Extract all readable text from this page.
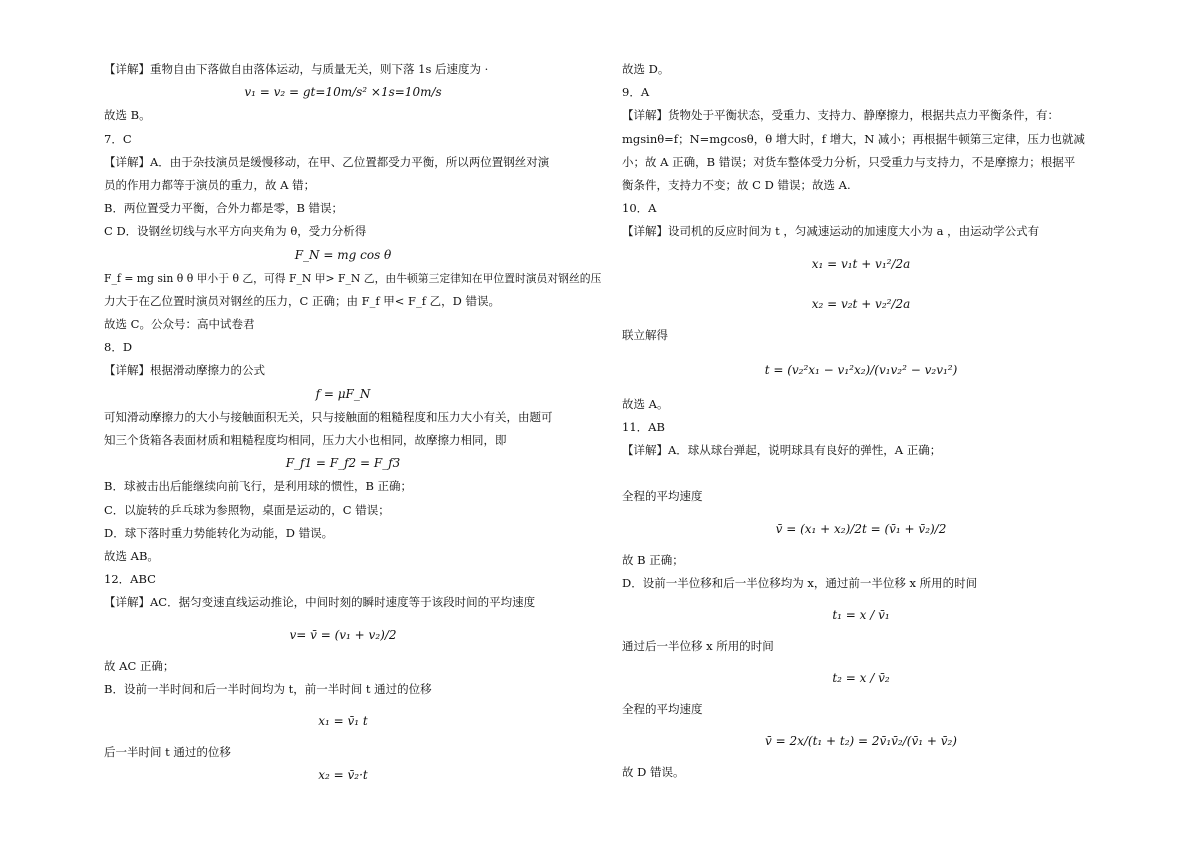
【详解】重物自由下落做自由落体运动，与质量无关，则下落 1s 后速度为 ·
v₁ = v₂ = gt=10m/s² ×1s=10m/s
故选 B。
7．C
【详解】A．由于杂技演员是缓慢移动，在甲、乙位置都受力平衡，所以两位置钢丝对演
员的作用力都等于演员的重力，故 A 错；
B．两位置受力平衡，合外力都是零，B 错误；
C D．设钢丝切线与水平方向夹角为 θ，受力分析得
F_N = mg cos θ
F_f = mg sin θ θ 甲小于 θ 乙，可得 F_N 甲> F_N 乙，由牛顿第三定律知在甲位置时演员对钢丝的压
力大于在乙位置时演员对钢丝的压力，C 正确；由 F_f 甲< F_f 乙，D 错误。
故选 C。公众号：高中试卷君
8．D
【详解】根据滑动摩擦力的公式
f = μF_N
可知滑动摩擦力的大小与接触面积无关，只与接触面的粗糙程度和压力大小有关，由题可
知三个货箱各表面材质和粗糙程度均相同，压力大小也相同，故摩擦力相同，即
F_f1 = F_f2 = F_f3
B．球被击出后能继续向前飞行，是利用球的惯性，B 正确；
C．以旋转的乒乓球为参照物，桌面是运动的，C 错误；
D．球下落时重力势能转化为动能，D 错误。
故选 AB。
12．ABC
【详解】AC．据匀变速直线运动推论，中间时刻的瞬时速度等于该段时间的平均速度
v= v̄ = (v₁ + v₂)/2
故 AC 正确；
B．设前一半时间和后一半时间均为 t，前一半时间 t 通过的位移
x₁ = v̄₁ t
后一半时间 t 通过的位移
x₂ = v̄₂·t
故选 D。
9．A
【详解】货物处于平衡状态，受重力、支持力、静摩擦力，根据共点力平衡条件，有：
mgsinθ=f；N=mgcosθ，θ 增大时，f 增大，N 减小；再根据牛顿第三定律，压力也就减
小；故 A 正确，B 错误；对货车整体受力分析，只受重力与支持力，不是摩擦力；根据平
衡条件，支持力不变；故 C D 错误；故选 A.
10．A
【详解】设司机的反应时间为 t ，匀减速运动的加速度大小为 a ，由运动学公式有
x₁ = v₁t + v₁²/2a
x₂ = v₂t + v₂²/2a
联立解得
t = (v₂²x₁ − v₁²x₂)/(v₁v₂² − v₂v₁²)
故选 A。
11．AB
【详解】A．球从球台弹起，说明球具有良好的弹性，A 正确；
全程的平均速度
v̄ = (x₁ + x₂)/2t = (v̄₁ + v̄₂)/2
故 B 正确；
D．设前一半位移和后一半位移均为 x，通过前一半位移 x 所用的时间
t₁ = x / v̄₁
通过后一半位移 x 所用的时间
t₂ = x / v̄₂
全程的平均速度
v̄ = 2x/(t₁ + t₂) = 2v̄₁v̄₂/(v̄₁ + v̄₂)
故 D 错误。
